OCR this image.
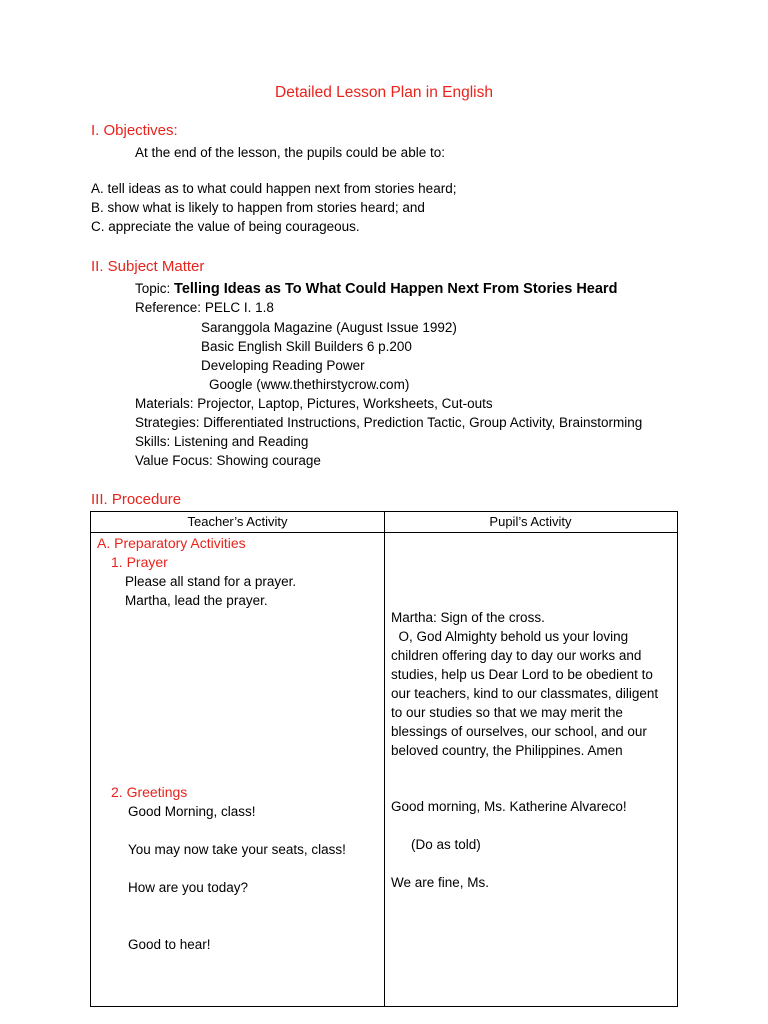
Detailed Lesson Plan in English
I. Objectives:
At the end of the lesson, the pupils could be able to:
A. tell ideas as to what could happen next from stories heard;
B. show what is likely to happen from stories heard; and
C. appreciate the value of being courageous.
II. Subject Matter
Topic: Telling Ideas as To What Could Happen Next From Stories Heard
Reference: PELC I. 1.8
Saranggola Magazine (August Issue 1992)
Basic English Skill Builders 6 p.200
Developing Reading Power
Google (www.thethirstycrow.com)
Materials: Projector, Laptop, Pictures, Worksheets, Cut-outs
Strategies: Differentiated Instructions, Prediction Tactic, Group Activity, Brainstorming
Skills: Listening and Reading
Value Focus: Showing courage
III. Procedure
Teacher’s Activity	Pupil’s Activity
A. Preparatory Activities
1. Prayer
Please all stand for a prayer.
Martha, lead the prayer.
2. Greetings
Good Morning, class!
You may now take your seats, class!
How are you today?
Good to hear!
Martha: Sign of the cross.
O, God Almighty behold us your loving
children offering day to day our works and
studies, help us Dear Lord to be obedient to
our teachers, kind to our classmates, diligent
to our studies so that we may merit the
blessings of ourselves, our school, and our
beloved country, the Philippines. Amen
Good morning, Ms. Katherine Alvareco!
(Do as told)
We are fine, Ms.
